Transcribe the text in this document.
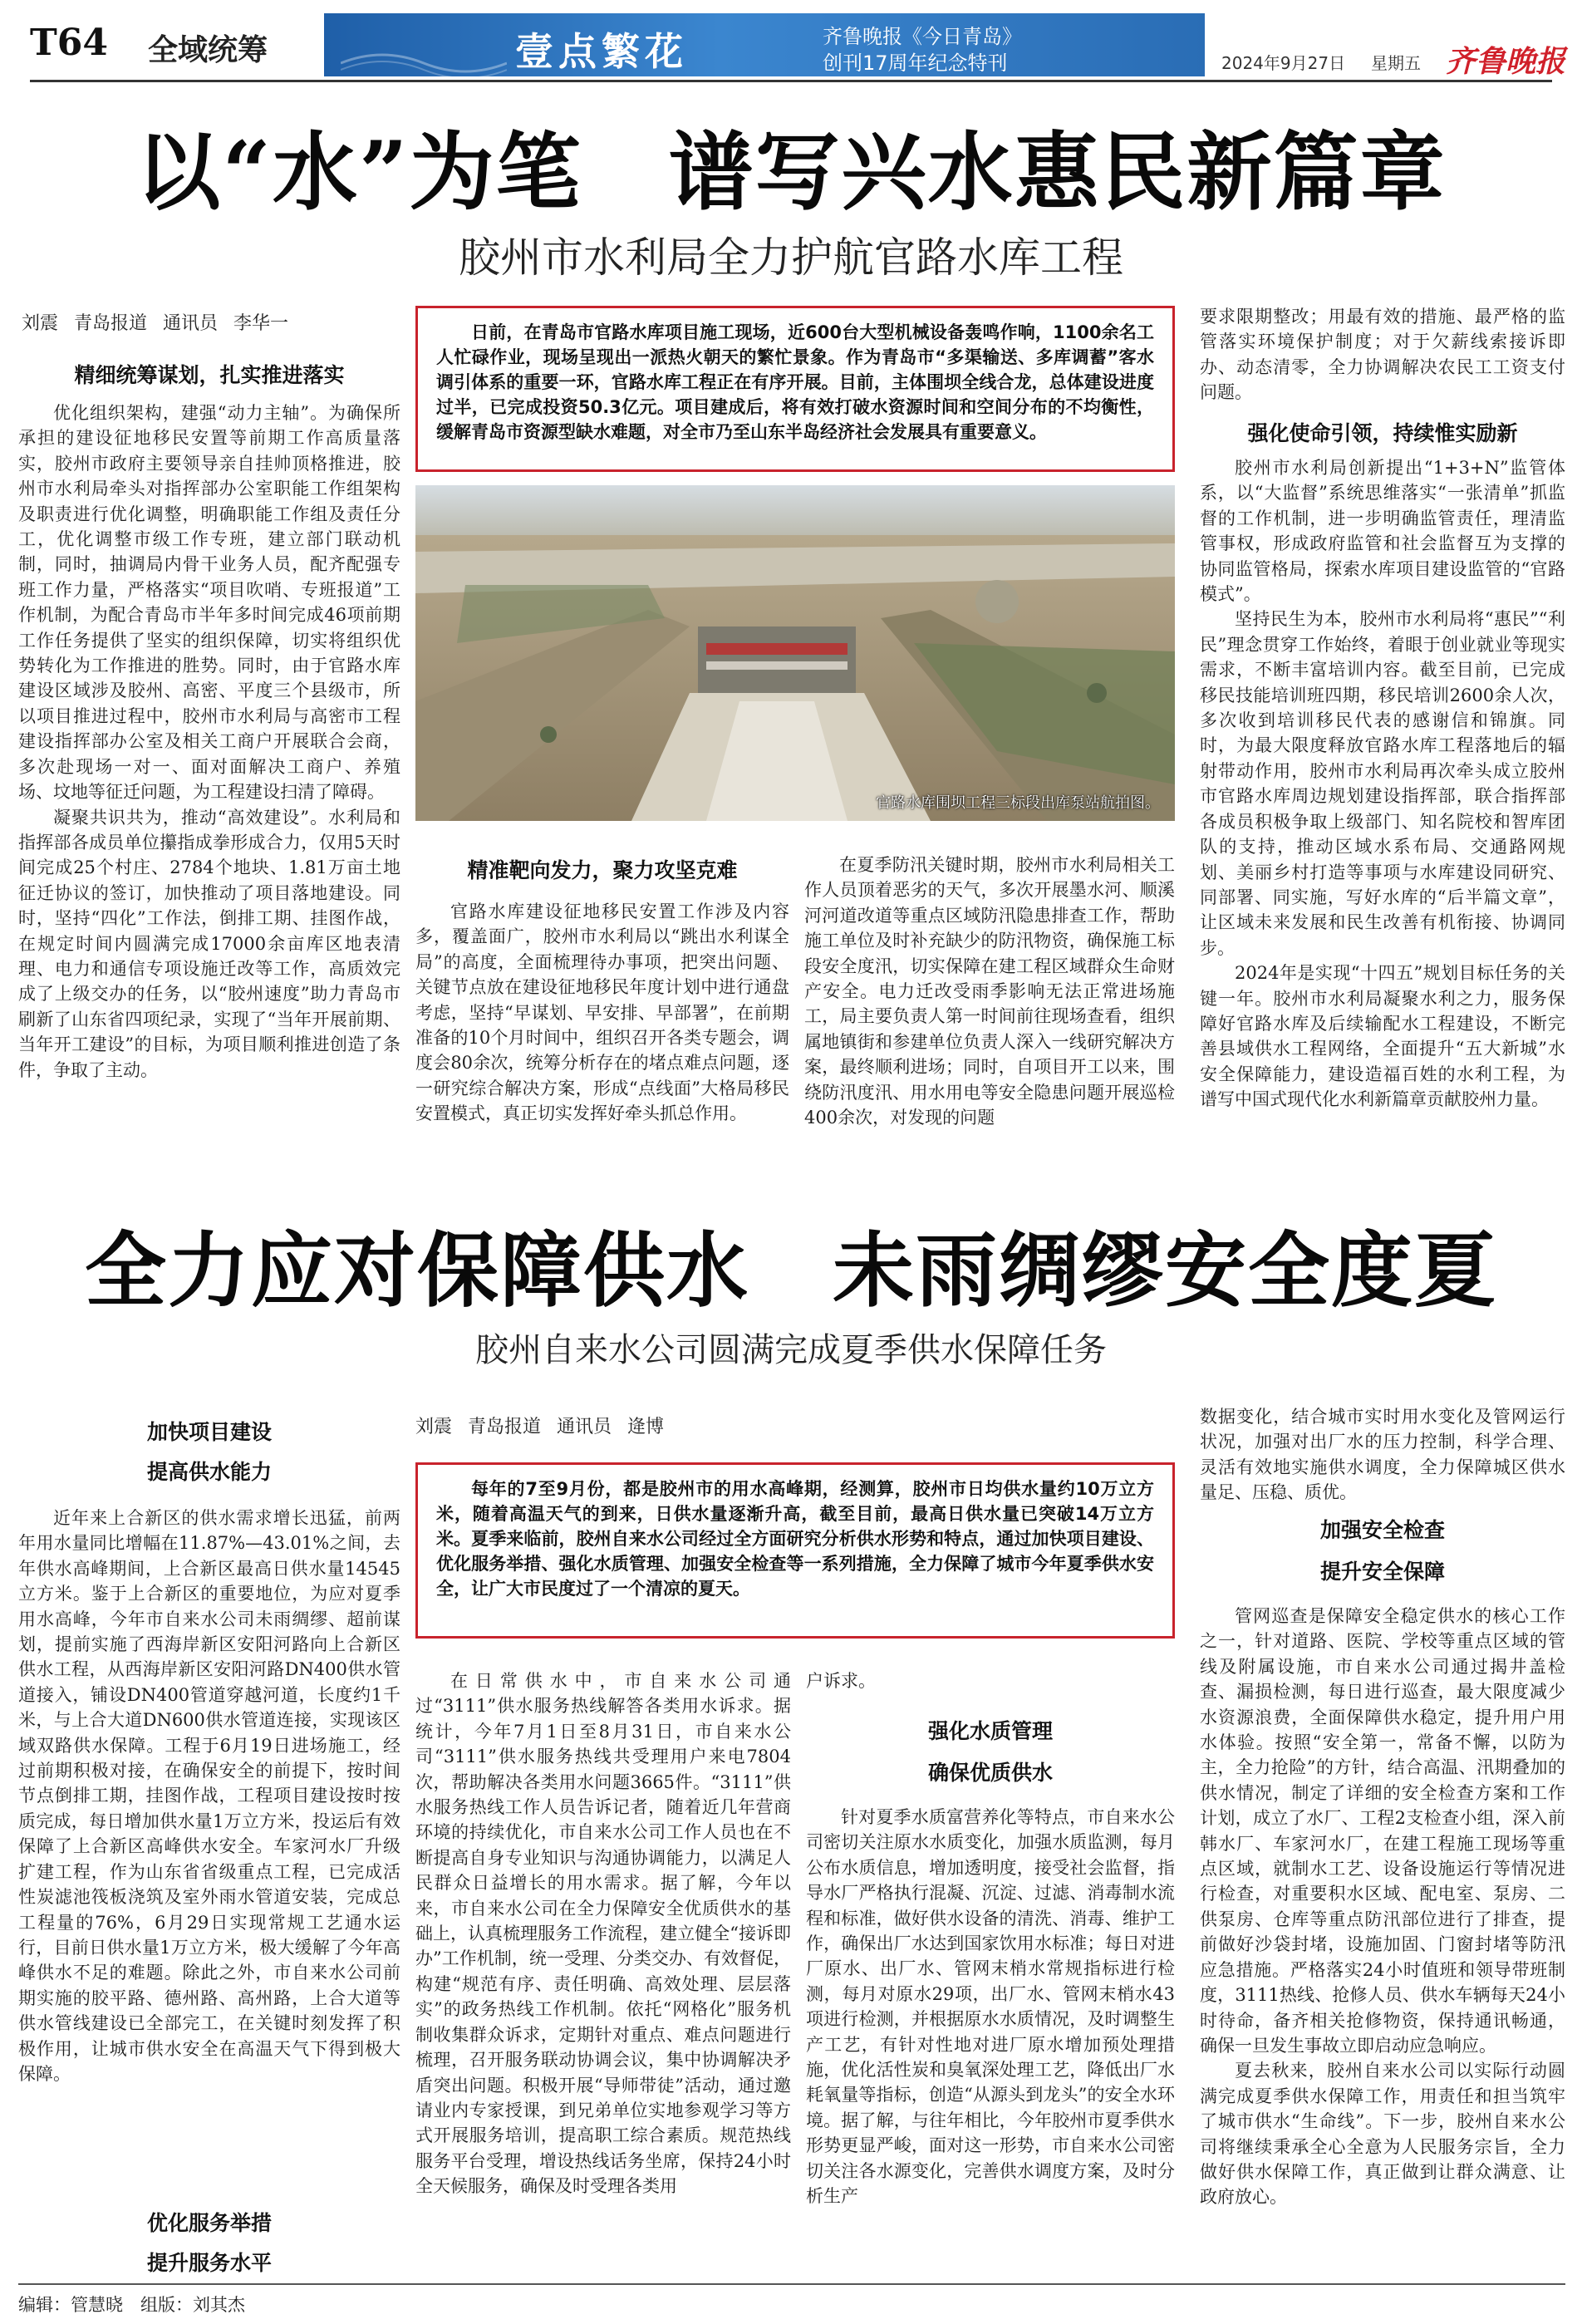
T64 全域统筹	壹点繁花	齐鲁晚报《今日青岛》
创刊17周年纪念特刊	2024年9月27日 星期五 齐鲁晚报
以“水”为笔　谱写兴水惠民新篇章
胶州市水利局全力护航官路水库工程
刘震 青岛报道 通讯员 李华一
精细统筹谋划，扎实推进落实

优化组织架构，建强“动力主轴”。为确保所承担的建设征地移民安置等前期工作高质量落实，胶州市政府主要领导亲自挂帅顶格推进，胶州市水利局牵头对指挥部办公室职能工作组架构及职责进行优化调整，明确职能工作组及责任分工，优化调整市级工作专班，建立部门联动机制，同时，抽调局内骨干业务人员，配齐配强专班工作力量，严格落实“项目吹哨、专班报道”工作机制，为配合青岛市半年多时间完成46项前期工作任务提供了坚实的组织保障，切实将组织优势转化为工作推进的胜势。同时，由于官路水库建设区域涉及胶州、高密、平度三个县级市，所以项目推进过程中，胶州市水利局与高密市工程建设指挥部办公室及相关工商户开展联合会商，多次赴现场一对一、面对面解决工商户、养殖场、坟地等征迁问题，为工程建设扫清了障碍。

凝聚共识共为，推动“高效建设”。水利局和指挥部各成员单位攥指成拳形成合力，仅用5天时间完成25个村庄、2784个地块、1.81万亩土地征迁协议的签订，加快推动了项目落地建设。同时，坚持“四化”工作法，倒排工期、挂图作战，在规定时间内圆满完成17000余亩库区地表清理、电力和通信专项设施迁改等工作，高质效完成了上级交办的任务，以“胶州速度”助力青岛市刷新了山东省四项纪录，实现了“当年开展前期、当年开工建设”的目标，为项目顺利推进创造了条件，争取了主动。

日前，在青岛市官路水库项目施工现场，近600台大型机械设备轰鸣作响，1100余名工人忙碌作业，现场呈现出一派热火朝天的繁忙景象。作为青岛市“多渠输送、多库调蓄”客水调引体系的重要一环，官路水库工程正在有序开展。目前，主体围坝全线合龙，总体建设进度过半，已完成投资50.3亿元。项目建成后，将有效打破水资源时间和空间分布的不均衡性，缓解青岛市资源型缺水难题，对全市乃至山东半岛经济社会发展具有重要意义。

官路水库围坝工程三标段出库泵站航拍图。
精准靶向发力，聚力攻坚克难

官路水库建设征地移民安置工作涉及内容多，覆盖面广，胶州市水利局以“跳出水利谋全局”的高度，全面梳理待办事项，把突出问题、关键节点放在建设征地移民年度计划中进行通盘考虑，坚持“早谋划、早安排、早部署”，在前期准备的10个月时间中，组织召开各类专题会，调度会80余次，统筹分析存在的堵点难点问题，逐一研究综合解决方案，形成“点线面”大格局移民安置模式，真正切实发挥好牵头抓总作用。

在夏季防汛关键时期，胶州市水利局相关工作人员顶着恶劣的天气，多次开展墨水河、顺溪河河道改道等重点区域防汛隐患排查工作，帮助施工单位及时补充缺少的防汛物资，确保施工标段安全度汛，切实保障在建工程区域群众生命财产安全。电力迁改受雨季影响无法正常进场施工，局主要负责人第一时间前往现场查看，组织属地镇街和参建单位负责人深入一线研究解决方案，最终顺利进场；同时，自项目开工以来，围绕防汛度汛、用水用电等安全隐患问题开展巡检400余次，对发现的问题

要求限期整改；用最有效的措施、最严格的监管落实环境保护制度；对于欠薪线索接诉即办、动态清零，全力协调解决农民工工资支付问题。

强化使命引领，持续惟实励新

胶州市水利局创新提出“1+3+N”监管体系，以“大监督”系统思维落实“一张清单”抓监督的工作机制，进一步明确监管责任，理清监管事权，形成政府监管和社会监督互为支撑的协同监管格局，探索水库项目建设监管的“官路模式”。

坚持民生为本，胶州市水利局将“惠民”“利民”理念贯穿工作始终，着眼于创业就业等现实需求，不断丰富培训内容。截至目前，已完成移民技能培训班四期，移民培训2600余人次，多次收到培训移民代表的感谢信和锦旗。同时，为最大限度释放官路水库工程落地后的辐射带动作用，胶州市水利局再次牵头成立胶州市官路水库周边规划建设指挥部，联合指挥部各成员积极争取上级部门、知名院校和智库团队的支持，推动区域水系布局、交通路网规划、美丽乡村打造等事项与水库建设同研究、同部署、同实施，写好水库的“后半篇文章”，让区域未来发展和民生改善有机衔接、协调同步。

2024年是实现“十四五”规划目标任务的关键一年。胶州市水利局凝聚水利之力，服务保障好官路水库及后续输配水工程建设，不断完善县域供水工程网络，全面提升“五大新城”水安全保障能力，建设造福百姓的水利工程，为谱写中国式现代化水利新篇章贡献胶州力量。

全力应对保障供水　未雨绸缪安全度夏
胶州自来水公司圆满完成夏季供水保障任务
加快项目建设
提高供水能力

近年来上合新区的供水需求增长迅猛，前两年用水量同比增幅在11.87%—43.01%之间，去年供水高峰期间，上合新区最高日供水量14545立方米。鉴于上合新区的重要地位，为应对夏季用水高峰，今年市自来水公司未雨绸缪、超前谋划，提前实施了西海岸新区安阳河路向上合新区供水工程，从西海岸新区安阳河路DN400供水管道接入，铺设DN400管道穿越河道，长度约1千米，与上合大道DN600供水管道连接，实现该区域双路供水保障。工程于6月19日进场施工，经过前期积极对接，在确保安全的前提下，按时间节点倒排工期，挂图作战，工程项目建设按时按质完成，每日增加供水量1万立方米，投运后有效保障了上合新区高峰供水安全。车家河水厂升级扩建工程，作为山东省省级重点工程，已完成活性炭滤池筏板浇筑及室外雨水管道安装，完成总工程量的76%，6月29日实现常规工艺通水运行，目前日供水量1万立方米，极大缓解了今年高峰供水不足的难题。除此之外，市自来水公司前期实施的胶平路、德州路、高州路，上合大道等供水管线建设已全部完工，在关键时刻发挥了积极作用，让城市供水安全在高温天气下得到极大保障。

优化服务举措
提升服务水平
刘震 青岛报道 通讯员 逄博

每年的7至9月份，都是胶州市的用水高峰期，经测算，胶州市日均供水量约10万立方米，随着高温天气的到来，日供水量逐渐升高，截至目前，最高日供水量已突破14万立方米。夏季来临前，胶州自来水公司经过全方面研究分析供水形势和特点，通过加快项目建设、优化服务举措、强化水质管理、加强安全检查等一系列措施，全力保障了城市今年夏季供水安全，让广大市民度过了一个清凉的夏天。

在日常供水中，市自来水公司通过“3111”供水服务热线解答各类用水诉求。据统计，今年7月1日至8月31日，市自来水公司“3111”供水服务热线共受理用户来电7804次，帮助解决各类用水问题3665件。“3111”供水服务热线工作人员告诉记者，随着近几年营商环境的持续优化，市自来水公司工作人员也在不断提高自身专业知识与沟通协调能力，以满足人民群众日益增长的用水需求。据了解，今年以来，市自来水公司在全力保障安全优质供水的基础上，认真梳理服务工作流程，建立健全“接诉即办”工作机制，统一受理、分类交办、有效督促，构建“规范有序、责任明确、高效处理、层层落实”的政务热线工作机制。依托“网格化”服务机制收集群众诉求，定期针对重点、难点问题进行梳理，召开服务联动协调会议，集中协调解决矛盾突出问题。积极开展“导师带徒”活动，通过邀请业内专家授课，到兄弟单位实地参观学习等方式开展服务培训，提高职工综合素质。规范热线服务平台受理，增设热线话务坐席，保持24小时全天候服务，确保及时受理各类用

户诉求。

强化水质管理
确保优质供水

针对夏季水质富营养化等特点，市自来水公司密切关注原水水质变化，加强水质监测，每月公布水质信息，增加透明度，接受社会监督，指导水厂严格执行混凝、沉淀、过滤、消毒制水流程和标准，做好供水设备的清洗、消毒、维护工作，确保出厂水达到国家饮用水标准；每日对进厂原水、出厂水、管网末梢水常规指标进行检测，每月对原水29项，出厂水、管网末梢水43项进行检测，并根据原水水质情况，及时调整生产工艺，有针对性地对进厂原水增加预处理措施，优化活性炭和臭氧深处理工艺，降低出厂水耗氧量等指标，创造“从源头到龙头”的安全水环境。据了解，与往年相比，今年胶州市夏季供水形势更显严峻，面对这一形势，市自来水公司密切关注各水源变化，完善供水调度方案，及时分析生产

数据变化，结合城市实时用水变化及管网运行状况，加强对出厂水的压力控制，科学合理、灵活有效地实施供水调度，全力保障城区供水量足、压稳、质优。

加强安全检查
提升安全保障

管网巡查是保障安全稳定供水的核心工作之一，针对道路、医院、学校等重点区域的管线及附属设施，市自来水公司通过揭井盖检查、漏损检测，每日进行巡查，最大限度减少水资源浪费，全面保障供水稳定，提升用户用水体验。按照“安全第一，常备不懈，以防为主，全力抢险”的方针，结合高温、汛期叠加的供水情况，制定了详细的安全检查方案和工作计划，成立了水厂、工程2支检查小组，深入前韩水厂、车家河水厂，在建工程施工现场等重点区域，就制水工艺、设备设施运行等情况进行检查，对重要积水区域、配电室、泵房、二供泵房、仓库等重点防汛部位进行了排查，提前做好沙袋封堵，设施加固、门窗封堵等防汛应急措施。严格落实24小时值班和领导带班制度，3111热线、抢修人员、供水车辆每天24小时待命，备齐相关抢修物资，保持通讯畅通，确保一旦发生事故立即启动应急响应。

夏去秋来，胶州自来水公司以实际行动圆满完成夏季供水保障工作，用责任和担当筑牢了城市供水“生命线”。下一步，胶州自来水公司将继续秉承全心全意为人民服务宗旨，全力做好供水保障工作，真正做到让群众满意、让政府放心。

编辑：管慧晓　组版：刘其杰
